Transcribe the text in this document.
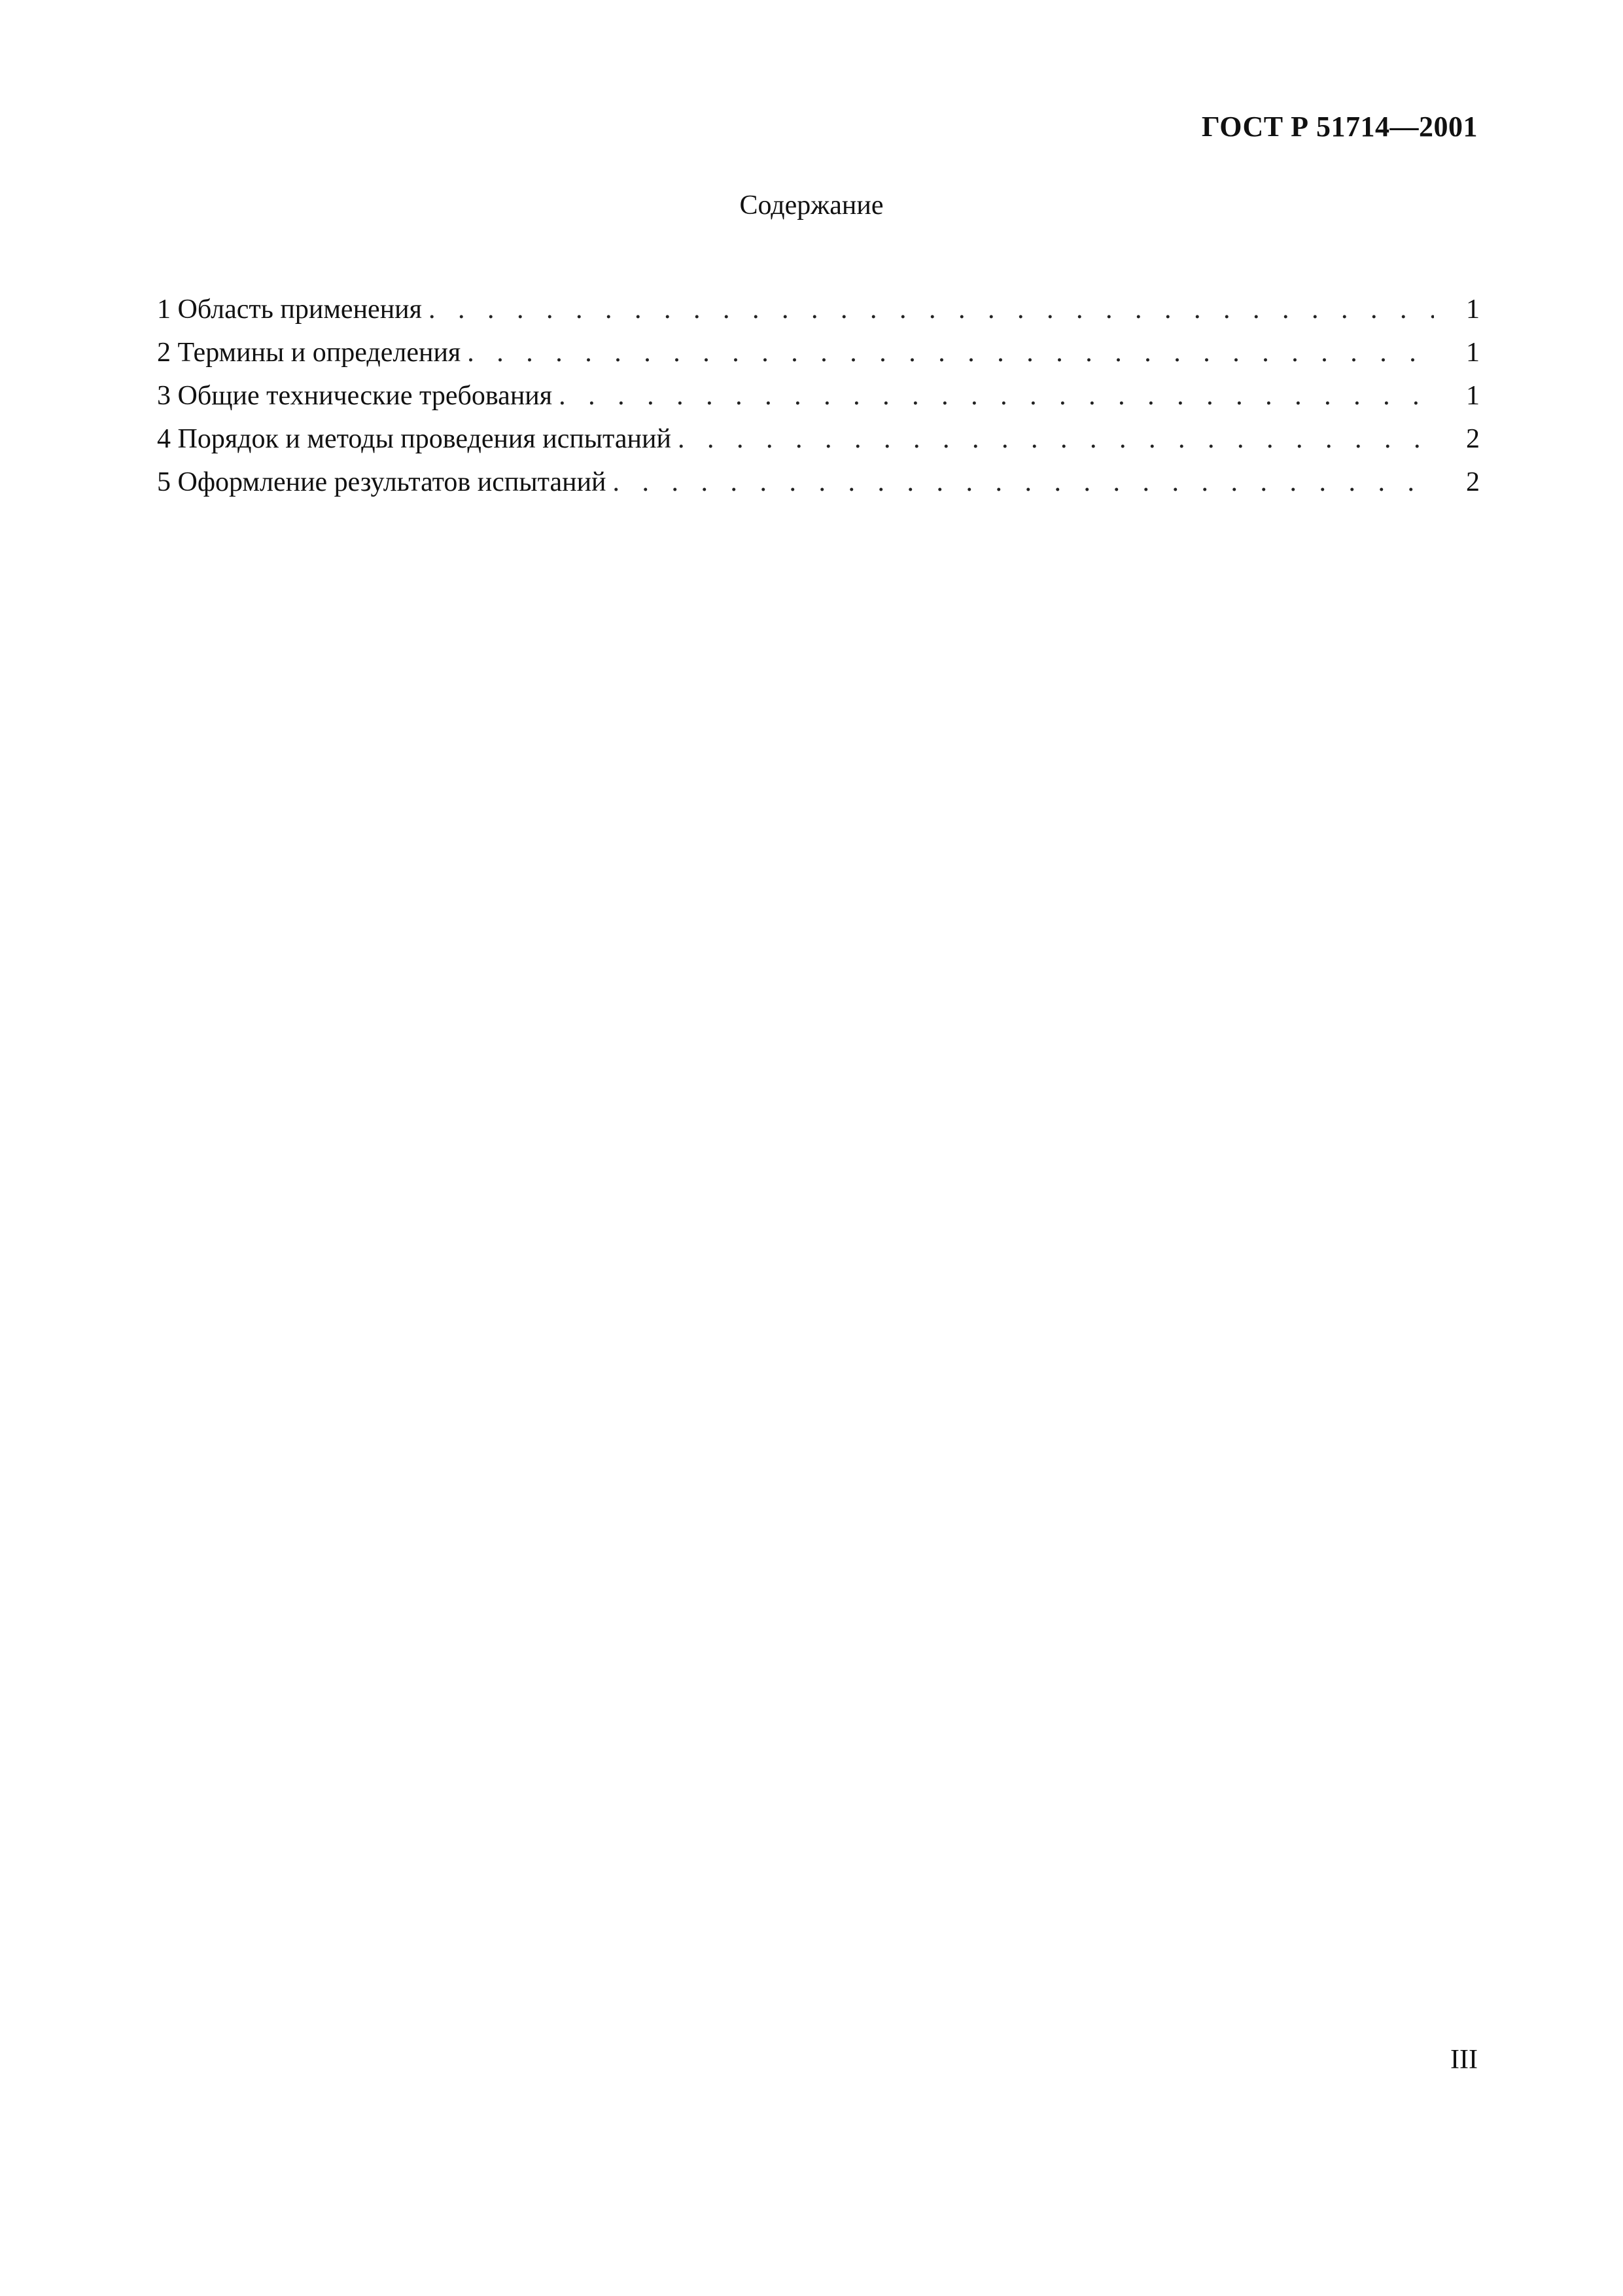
ГОСТ Р 51714—2001
Содержание
1 Область применения . . .	1
2 Термины и определения . . .	1
3 Общие технические требования . . .	1
4 Порядок и методы проведения испытаний . . .	2
5 Оформление результатов испытаний . . .	2
III
